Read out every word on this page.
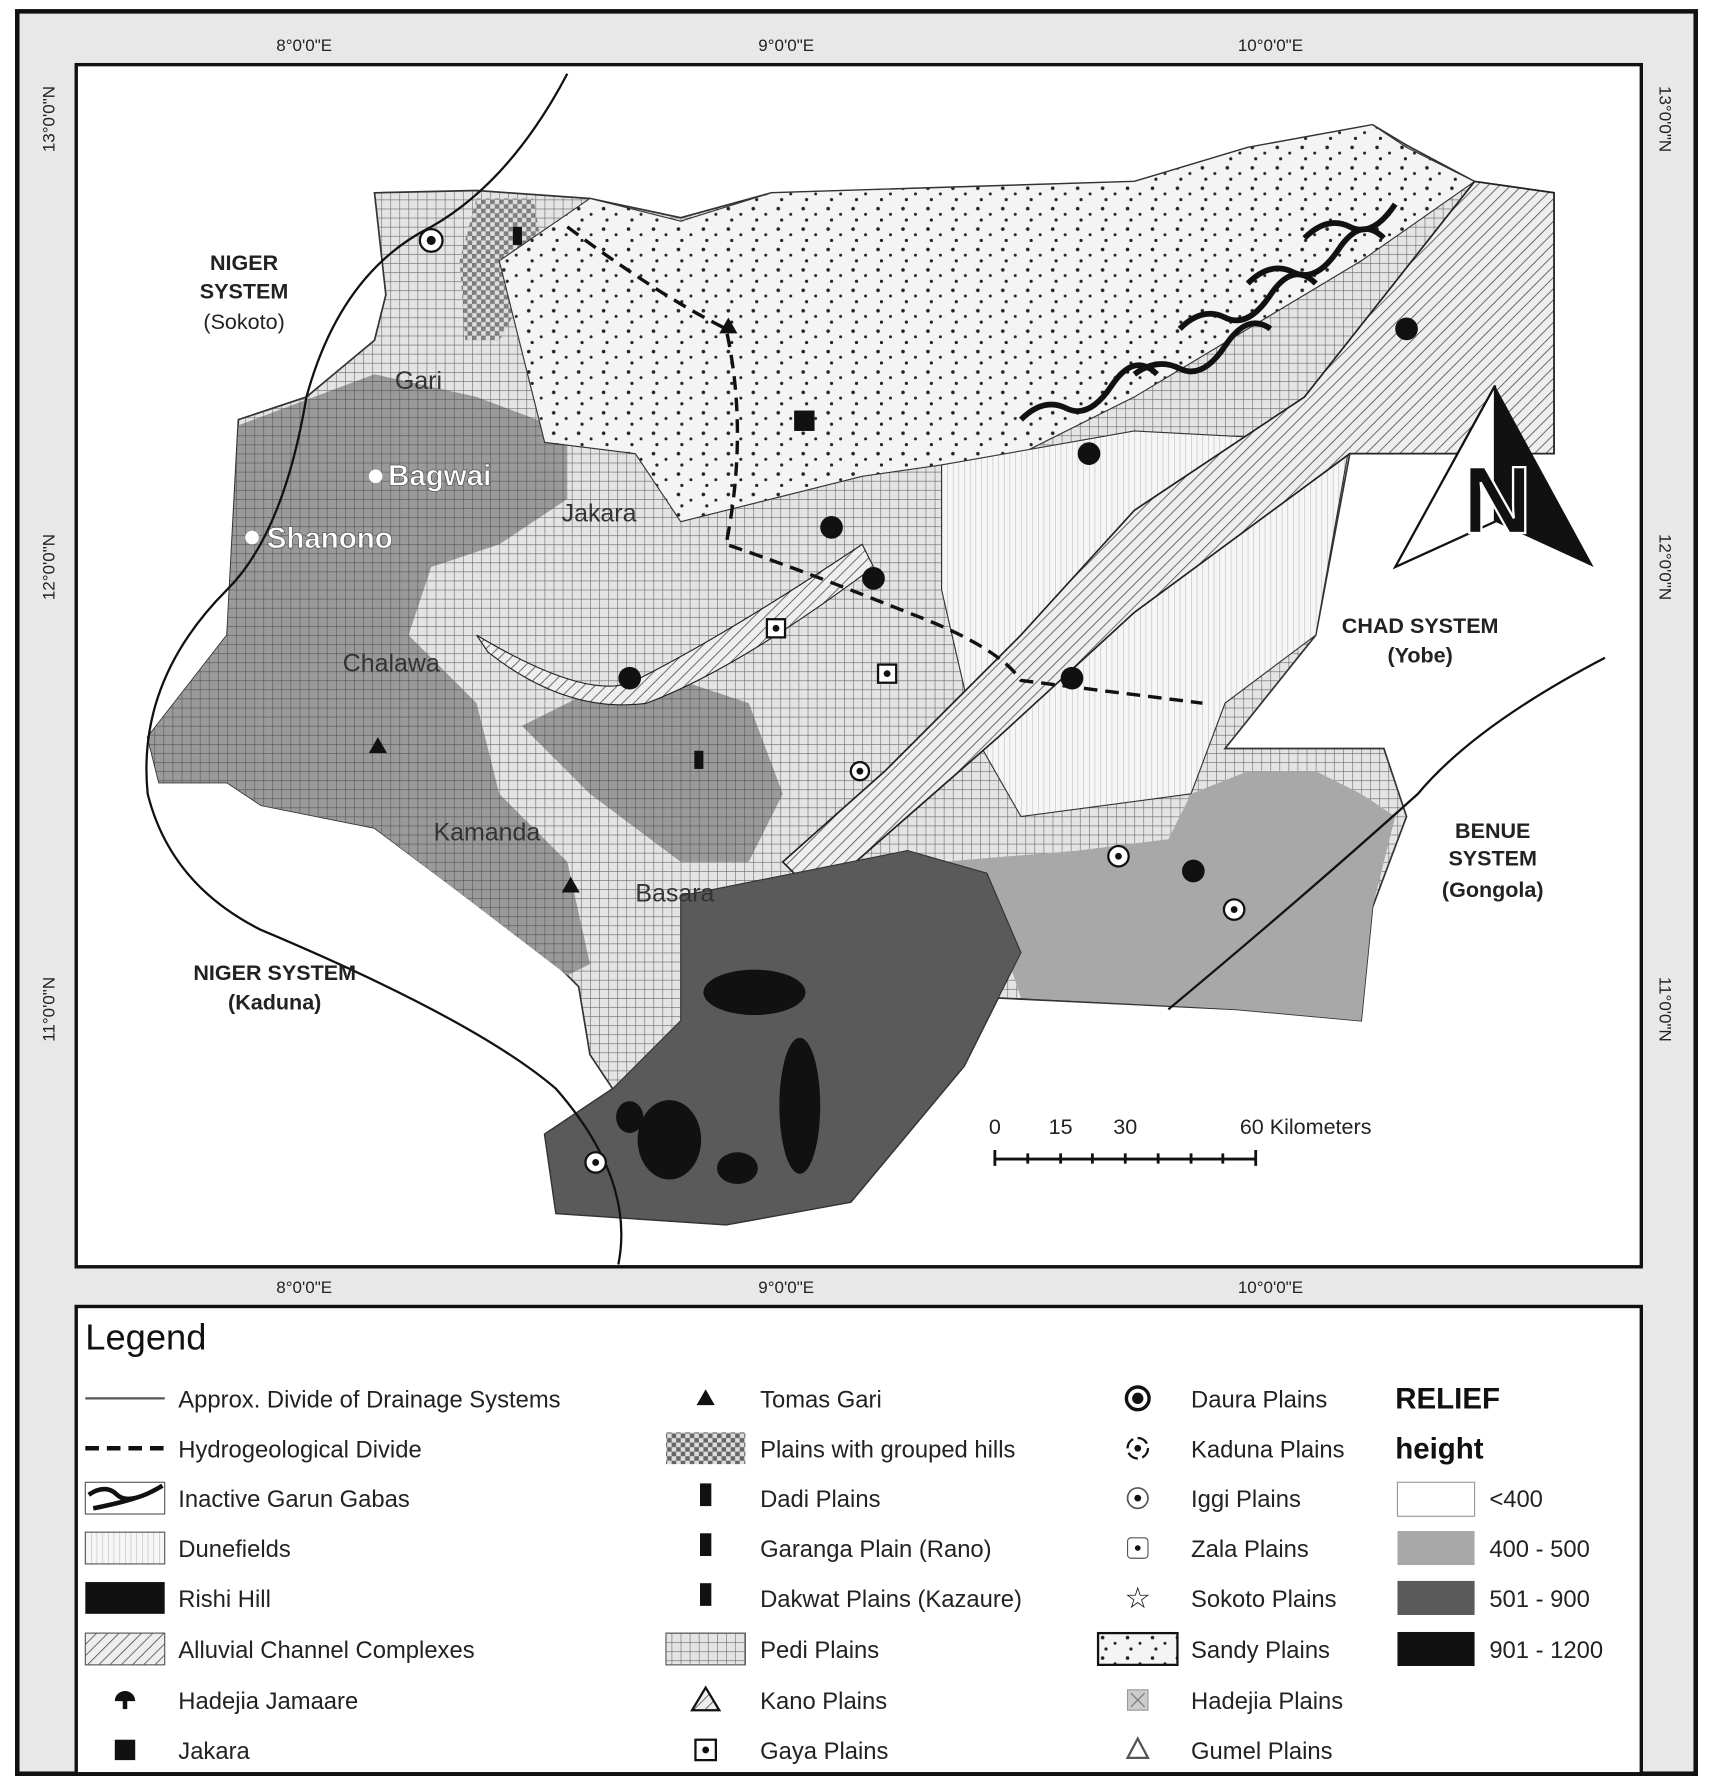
8°0'0"E	9°0'0"E	10°0'0"E
8°0'0"E	9°0'0"E	10°0'0"E
13°0'0"N
12°0'0"N
11°0'0"N
13°0'0"N
12°0'0"N
11°0'0"N
NIGER
SYSTEM
(Sokoto)
NIGER SYSTEM
(Kaduna)
CHAD SYSTEM
(Yobe)
BENUE
SYSTEM
(Gongola)
Gari
Bagwai
Shanono
Jakara
Chalawa
Kamanda
Basara
N
0	15 30	60 Kilometers
Legend
☆
Approx. Divide of Drainage Systems
Hydrogeological Divide
Inactive Garun Gabas
Dunefields
Rishi Hill
Alluvial Channel Complexes
Hadejia Jamaare
Jakara
Tomas Gari
Plains with grouped hills
Dadi Plains
Garanga Plain (Rano)
Dakwat Plains (Kazaure)
Pedi Plains
Kano Plains
Gaya Plains
Daura Plains
Kaduna Plains
Iggi Plains
Zala Plains
Sokoto Plains
Sandy Plains
Hadejia Plains
Gumel Plains
RELIEF
height
<400
400 - 500
501 - 900
901 - 1200
